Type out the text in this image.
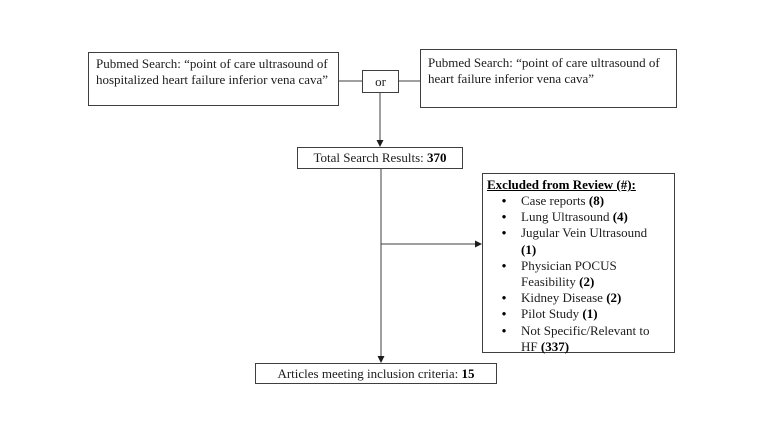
Pubmed Search: “point of care ultrasound of hospitalized heart failure inferior vena cava”	or
Pubmed Search: “point of care ultrasound of heart failure inferior vena cava”
Total Search Results: 370
Excluded from Review (#):
●	Case reports (8)
●	Lung Ultrasound (4)
●	Jugular Vein Ultrasound (1)
●	Physician POCUS Feasibility (2)
●	Kidney Disease (2)
●	Pilot Study (1)
●	Not Specific/Relevant to HF (337)
Articles meeting inclusion criteria: 15
